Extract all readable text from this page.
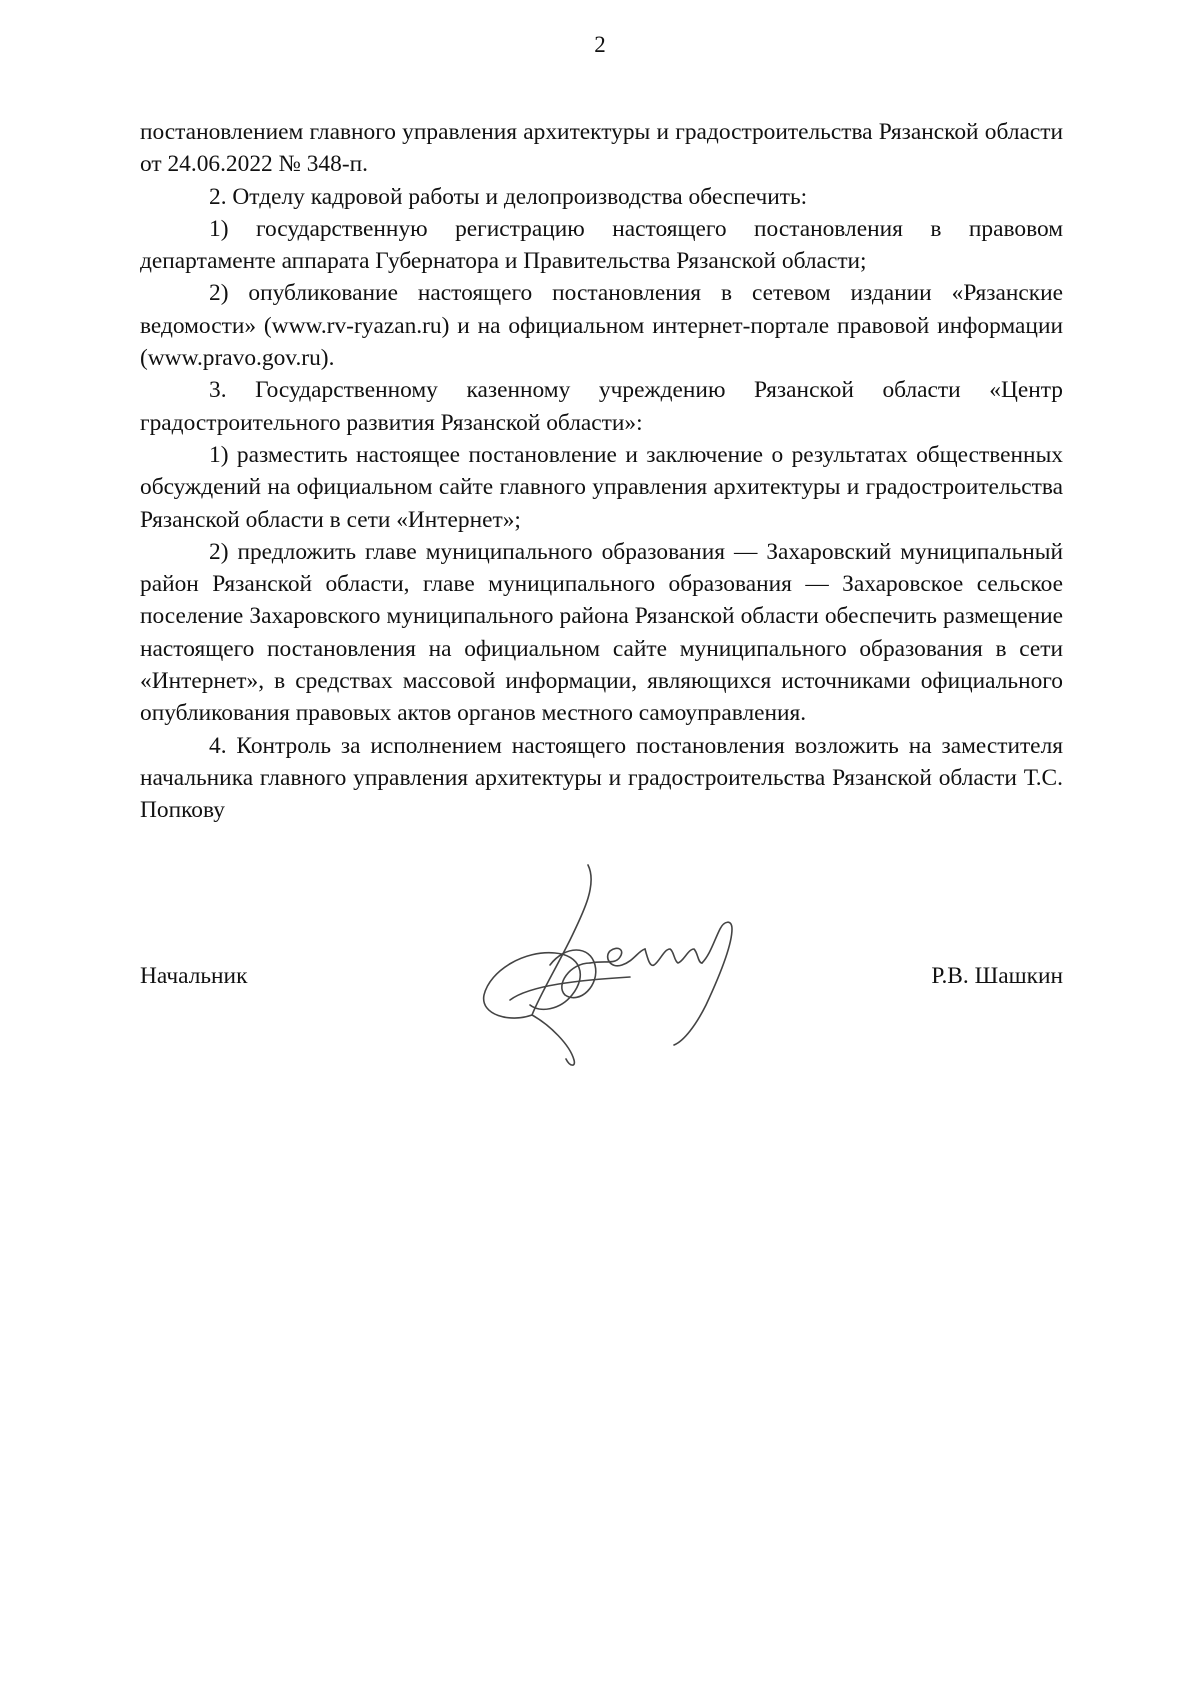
2

постановлением главного управления архитектуры и градостроительства Рязанской области от 24.06.2022 № 348-п.

2. Отделу кадровой работы и делопроизводства обеспечить:

1) государственную регистрацию настоящего постановления в правовом департаменте аппарата Губернатора и Правительства Рязанской области;

2) опубликование настоящего постановления в сетевом издании «Рязанские ведомости» (www.rv-ryazan.ru) и на официальном интернет-портале правовой информации (www.pravo.gov.ru).

3. Государственному казенному учреждению Рязанской области «Центр градостроительного развития Рязанской области»:

1) разместить настоящее постановление и заключение о результатах общественных обсуждений на официальном сайте главного управления архитектуры и градостроительства Рязанской области в сети «Интернет»;

2) предложить главе муниципального образования — Захаровский муниципальный район Рязанской области, главе муниципального образования — Захаровское сельское поселение Захаровского муниципального района Рязанской области обеспечить размещение настоящего постановления на официальном сайте муниципального образования в сети «Интернет», в средствах массовой информации, являющихся источниками официального опубликования правовых актов органов местного самоуправления.

4. Контроль за исполнением настоящего постановления возложить на заместителя начальника главного управления архитектуры и градостроительства Рязанской области Т.С. Попкову

Начальник	Р.В. Шашкин
